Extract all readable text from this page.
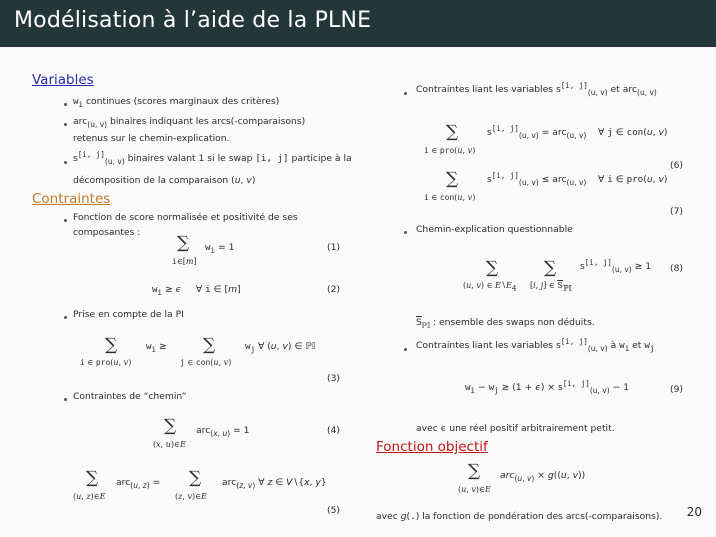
Modélisation à l’aide de la PLNE
Variables
$w_i$ continues (scores marginaux des critères)
arc$_{(u, v)}$ binaires indiquant les arcs(-comparaisons)
retenus sur le chemin-explication.
$s[i, j]_{(u, v)}$ binaires valant 1 si le swap [i, j] participe à la
décomposition de la comparaison (u, v)
Contraintes
Fonction de score normalisée et positivité de ses
composantes :
∑
i∈[m]
$w_i = 1$	(1)
$w_i \ge \epsilon$     ∀ i ∈ [m]	(2)
Prise en compte de la PI
∑
i ∈ pro(u, v)
$w_i$ ≥ ∑
j ∈ con(u, v)
$w_j$ ∀ (u, v) ∈ ℙ𝕀
(3)
Contraintes de “chemin”
∑
(x, u)∈E
arc$_{(x, u)}$ = 1	(4)
∑
(u, z)∈E
arc$_{(u, z)}$ = ∑
(z, v)∈E
arc$_{(z, v)}$ ∀ z ∈ V∖{x, y}
(5)
Contraintes liant les variables $s[i, j]_{(u, v)}$ et arc$_{(u, v)}$
∑
i ∈ pro(u, v)
$s[i, j]_{(u, v)} = arc_{(u, v)}$    ∀ j ∈ con(u, v)
(6)
∑
i ∈ con(u, v)
$s[i, j]_{(u, v)} \le arc_{(u, v)}$    ∀ i ∈ pro(u, v)
(7)
Chemin-explication questionnable
∑
(u, v) ∈ $E∖E_4$
∑
[i, j] ∈ $\overline{S}_{ℙ𝕀}$
$s[i, j]_{(u, v)} \ge 1$ (8)
$\overline{S}_{ℙ𝕀}$ : ensemble des swaps non déduits.
Contraintes liant les variables $s[i, j]_{(u, v)}$ à $w_i$ et $w_j$
$w_i - w_j \ge (1 + \epsilon) \times s[i, j]_{(u, v)} - 1$	(9)
avec ϵ une réel positif arbitrairement petit.
Fonction objectif
∑
(u, v)∈E
arc$_{(u, v)}$ × g((u, v))
avec g(.) la fonction de pondération des arcs(-comparaisons). 20
